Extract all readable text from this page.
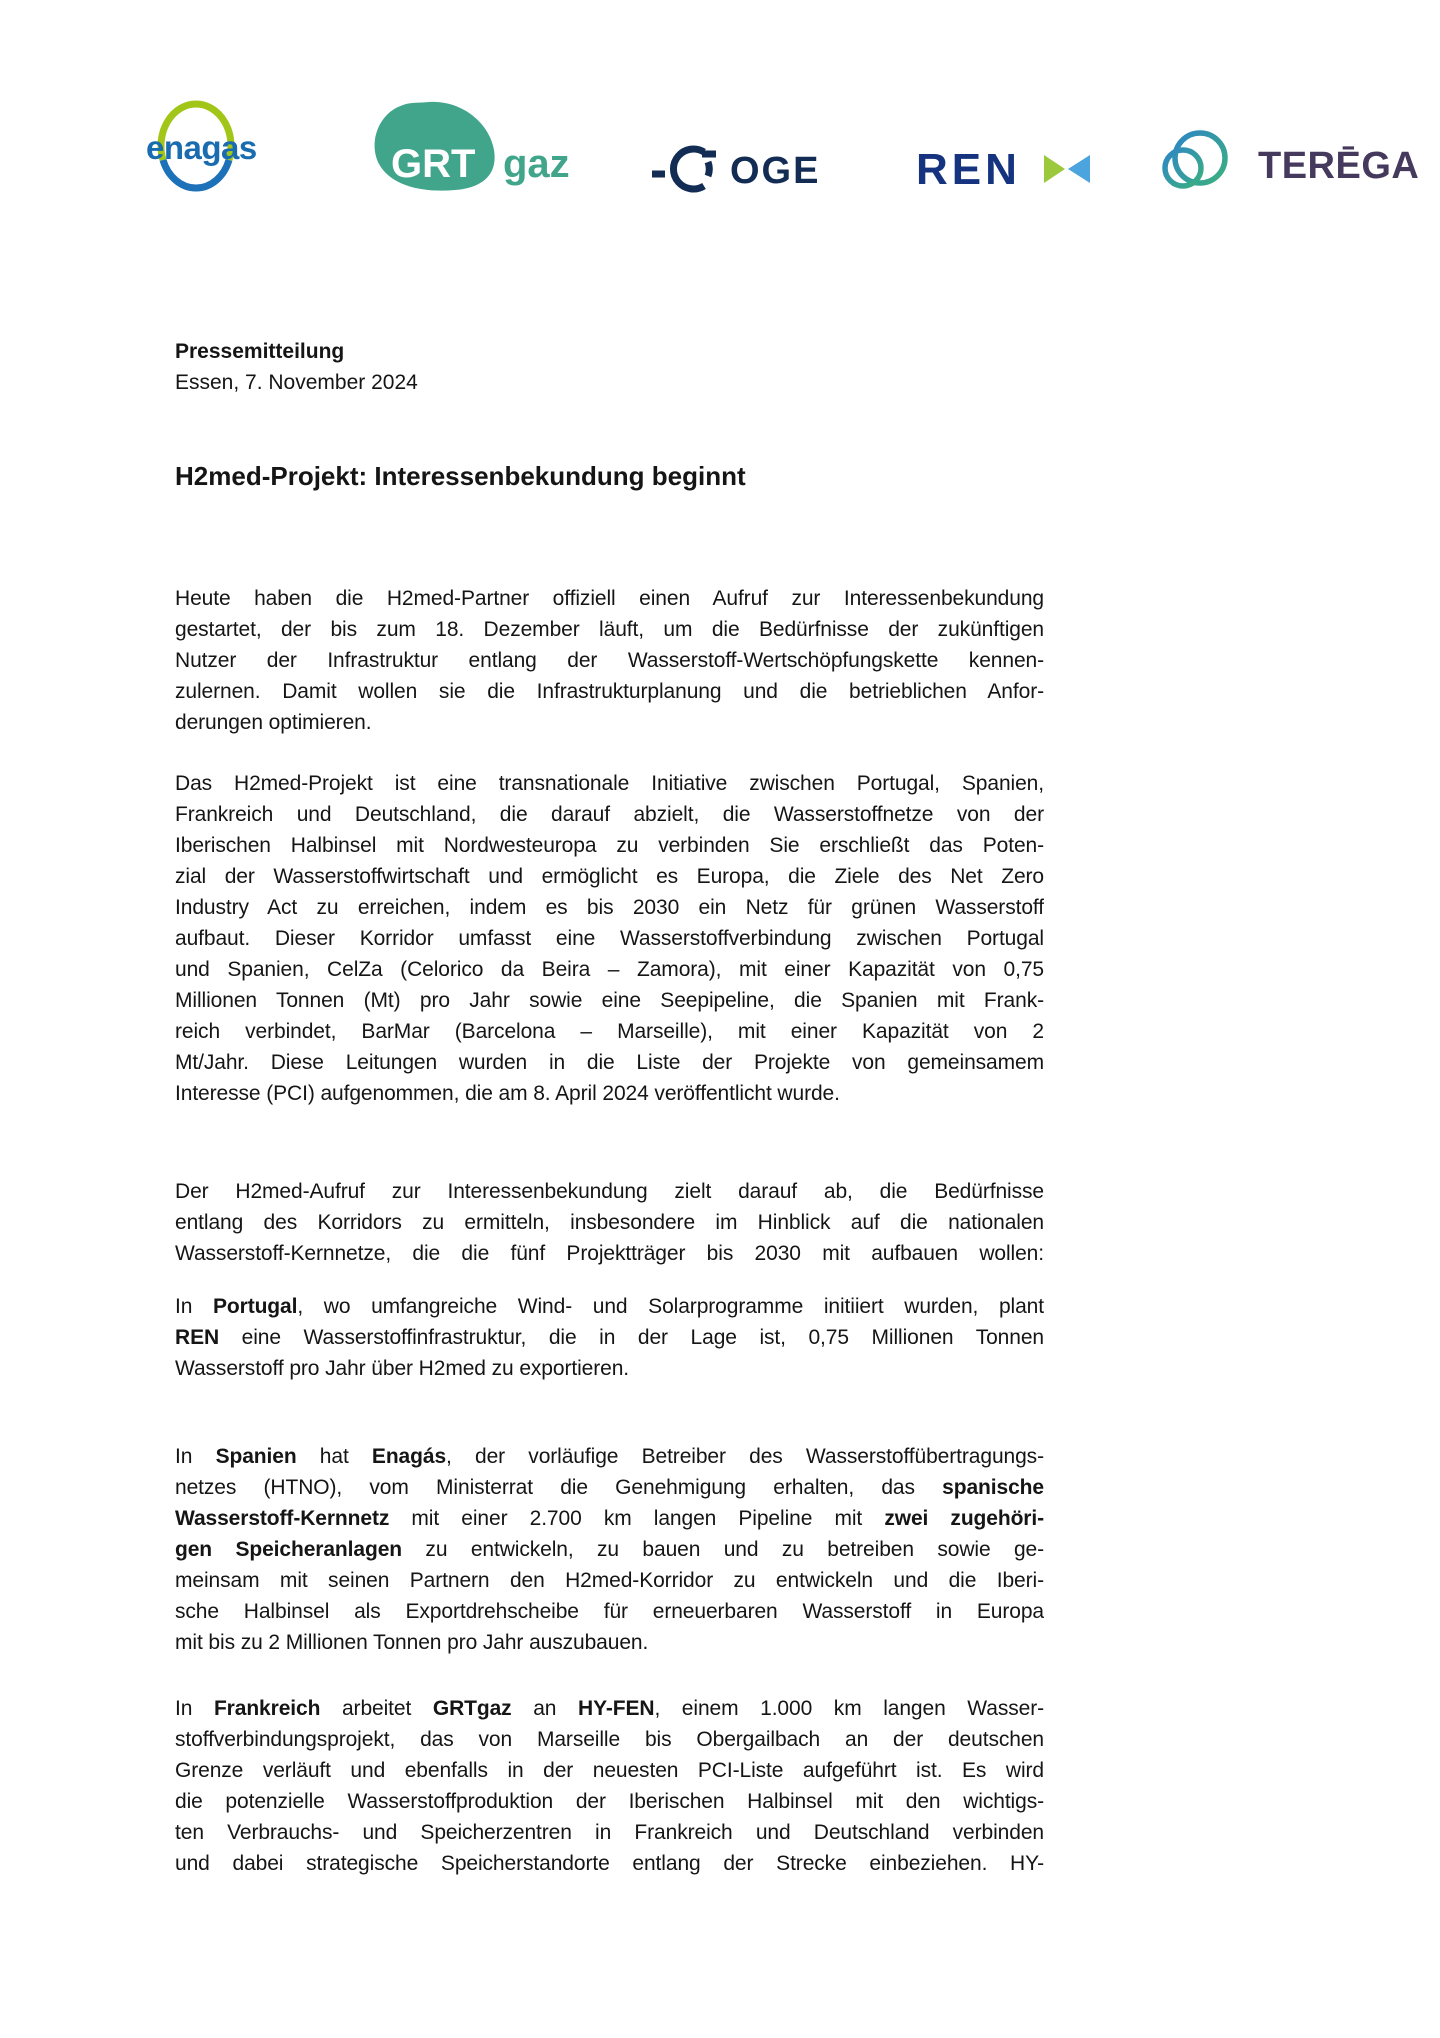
enagas	GRT gaz	OGE REN	TERĒGA
Pressemitteilung
Essen, 7. November 2024
H2med-Projekt: Interessenbekundung beginnt
Heute haben die H2med-Partner offiziell einen Aufruf zur Interessenbekundung
gestartet, der bis zum 18. Dezember läuft, um die Bedürfnisse der zukünftigen
Nutzer der Infrastruktur entlang der Wasserstoff-Wertschöpfungskette kennen-
zulernen. Damit wollen sie die Infrastrukturplanung und die betrieblichen Anfor-
derungen optimieren.
Das H2med-Projekt ist eine transnationale Initiative zwischen Portugal, Spanien,
Frankreich und Deutschland, die darauf abzielt, die Wasserstoffnetze von der
Iberischen Halbinsel mit Nordwesteuropa zu verbinden Sie erschließt das Poten-
zial der Wasserstoffwirtschaft und ermöglicht es Europa, die Ziele des Net Zero
Industry Act zu erreichen, indem es bis 2030 ein Netz für grünen Wasserstoff
aufbaut. Dieser Korridor umfasst eine Wasserstoffverbindung zwischen Portugal
und Spanien, CelZa (Celorico da Beira – Zamora), mit einer Kapazität von 0,75
Millionen Tonnen (Mt) pro Jahr sowie eine Seepipeline, die Spanien mit Frank-
reich verbindet, BarMar (Barcelona – Marseille), mit einer Kapazität von 2
Mt/Jahr. Diese Leitungen wurden in die Liste der Projekte von gemeinsamem
Interesse (PCI) aufgenommen, die am 8. April 2024 veröffentlicht wurde.
Der H2med-Aufruf zur Interessenbekundung zielt darauf ab, die Bedürfnisse
entlang des Korridors zu ermitteln, insbesondere im Hinblick auf die nationalen
Wasserstoff-Kernnetze, die die fünf Projektträger bis 2030 mit aufbauen wollen:
In Portugal, wo umfangreiche Wind- und Solarprogramme initiiert wurden, plant
REN eine Wasserstoffinfrastruktur, die in der Lage ist, 0,75 Millionen Tonnen
Wasserstoff pro Jahr über H2med zu exportieren.
In Spanien hat Enagás, der vorläufige Betreiber des Wasserstoffübertragungs-
netzes (HTNO), vom Ministerrat die Genehmigung erhalten, das spanische
Wasserstoff-Kernnetz mit einer 2.700 km langen Pipeline mit zwei zugehöri-
gen Speicheranlagen zu entwickeln, zu bauen und zu betreiben sowie ge-
meinsam mit seinen Partnern den H2med-Korridor zu entwickeln und die Iberi-
sche Halbinsel als Exportdrehscheibe für erneuerbaren Wasserstoff in Europa
mit bis zu 2 Millionen Tonnen pro Jahr auszubauen.
In Frankreich arbeitet GRTgaz an HY-FEN, einem 1.000 km langen Wasser-
stoffverbindungsprojekt, das von Marseille bis Obergailbach an der deutschen
Grenze verläuft und ebenfalls in der neuesten PCI-Liste aufgeführt ist. Es wird
die potenzielle Wasserstoffproduktion der Iberischen Halbinsel mit den wichtigs-
ten Verbrauchs- und Speicherzentren in Frankreich und Deutschland verbinden
und dabei strategische Speicherstandorte entlang der Strecke einbeziehen. HY-
